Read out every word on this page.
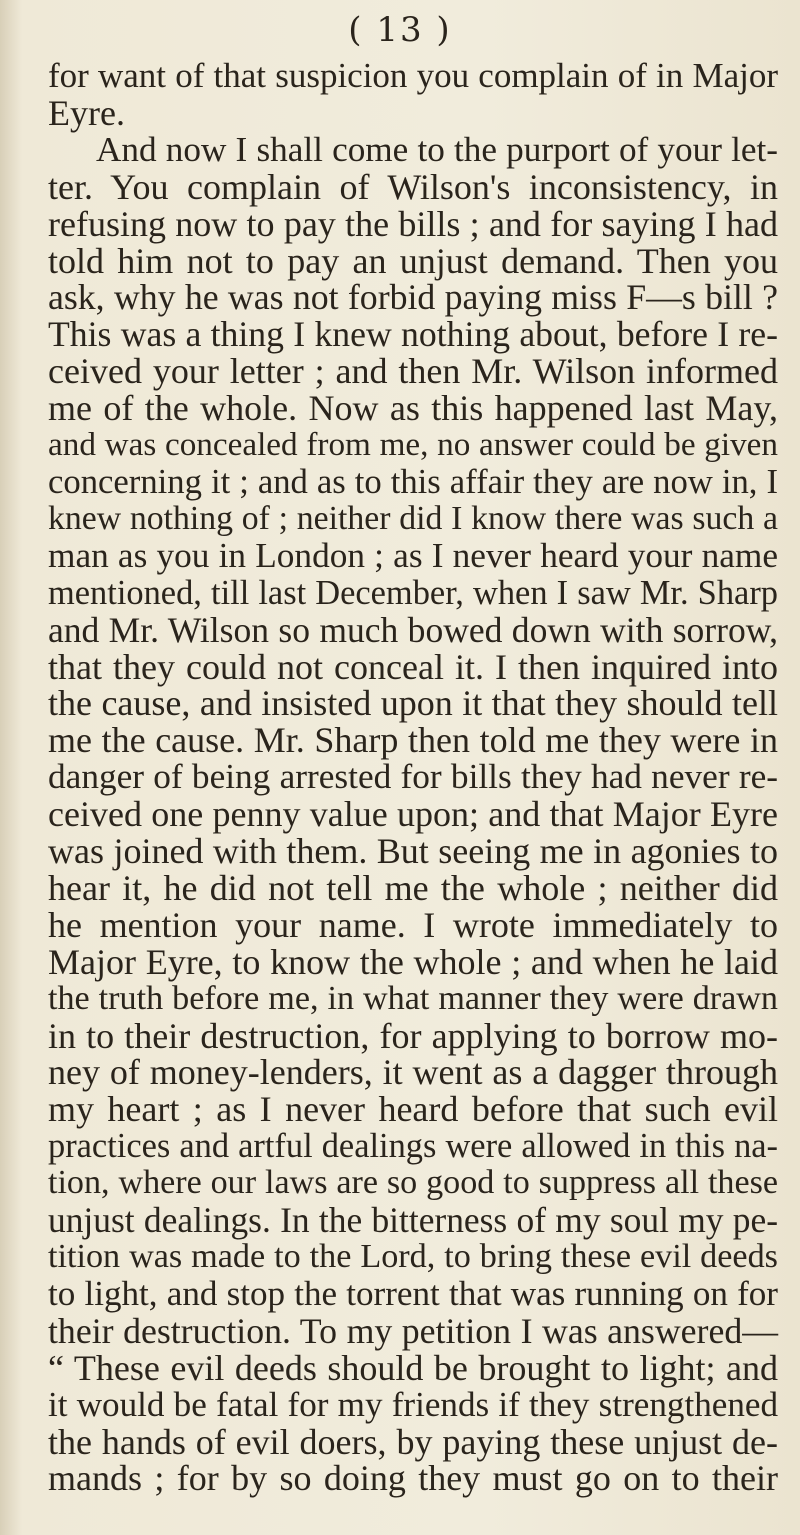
( 13 )
for want of that suspicion you complain of in Major
Eyre.
And now I shall come to the purport of your let-
ter. You complain of Wilson's inconsistency, in
refusing now to pay the bills ; and for saying I had
told him not to pay an unjust demand. Then you
ask, why he was not forbid paying miss F—s bill ?
This was a thing I knew nothing about, before I re-
ceived your letter ; and then Mr. Wilson informed
me of the whole. Now as this happened last May,
and was concealed from me, no answer could be given
concerning it ; and as to this affair they are now in, I
knew nothing of ; neither did I know there was such a
man as you in London ; as I never heard your name
mentioned, till last December, when I saw Mr. Sharp
and Mr. Wilson so much bowed down with sorrow,
that they could not conceal it. I then inquired into
the cause, and insisted upon it that they should tell
me the cause. Mr. Sharp then told me they were in
danger of being arrested for bills they had never re-
ceived one penny value upon; and that Major Eyre
was joined with them. But seeing me in agonies to
hear it, he did not tell me the whole ; neither did
he mention your name. I wrote immediately to
Major Eyre, to know the whole ; and when he laid
the truth before me, in what manner they were drawn
in to their destruction, for applying to borrow mo-
ney of money-lenders, it went as a dagger through
my heart ; as I never heard before that such evil
practices and artful dealings were allowed in this na-
tion, where our laws are so good to suppress all these
unjust dealings. In the bitterness of my soul my pe-
tition was made to the Lord, to bring these evil deeds
to light, and stop the torrent that was running on for
their destruction. To my petition I was answered—
“ These evil deeds should be brought to light; and
it would be fatal for my friends if they strengthened
the hands of evil doers, by paying these unjust de-
mands ; for by so doing they must go on to their
